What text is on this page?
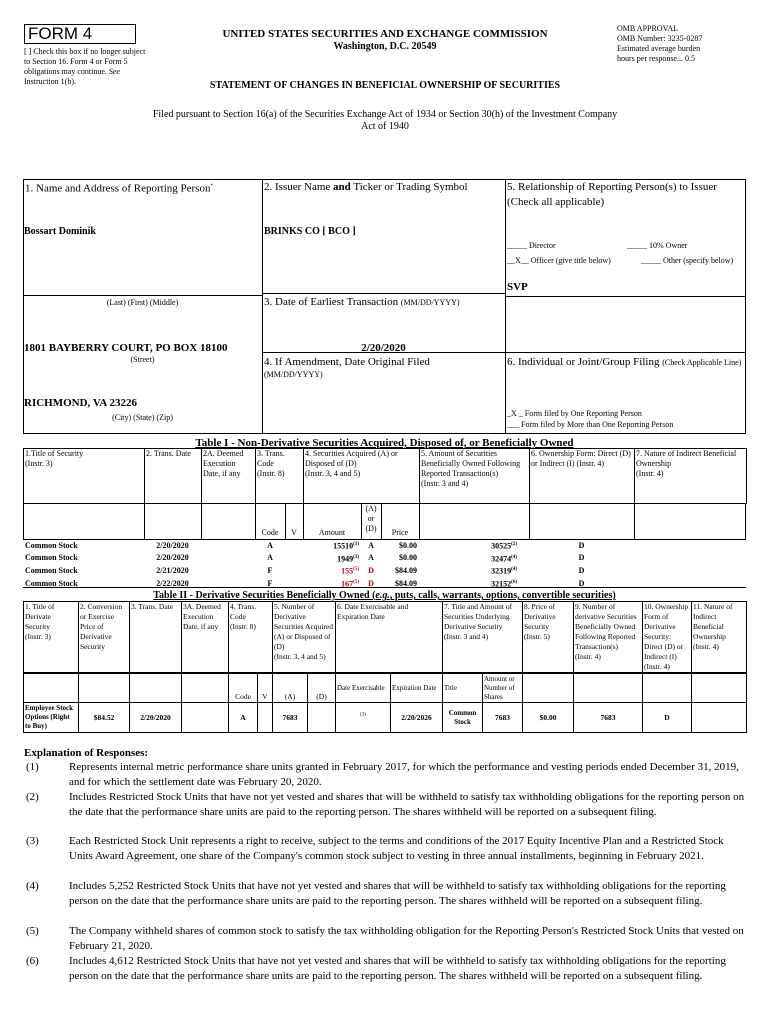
FORM 4
[ ] Check this box if no longer subject to Section 16. Form 4 or Form 5 obligations may continue. See Instruction 1(b).
UNITED STATES SECURITIES AND EXCHANGE COMMISSION
Washington, D.C. 20549
STATEMENT OF CHANGES IN BENEFICIAL OWNERSHIP OF SECURITIES
OMB APPROVAL
OMB Number: 3235-0287
Estimated average burden
hours per response... 0.5
Filed pursuant to Section 16(a) of the Securities Exchange Act of 1934 or Section 30(h) of the Investment Company Act of 1940
1. Name and Address of Reporting Person*
Bossart Dominik
(Last) (First) (Middle)
1801 BAYBERRY COURT, PO BOX 18100
(Street)
RICHMOND, VA 23226
(City) (State) (Zip)
2. Issuer Name and Ticker or Trading Symbol
BRINKS CO [ BCO ]
3. Date of Earliest Transaction (MM/DD/YYYY)
2/20/2020
4. If Amendment, Date Original Filed
(MM/DD/YYYY)
5. Relationship of Reporting Person(s) to Issuer
(Check all applicable)
_____ Director	_____ 10% Owner
__X__ Officer (give title below)	_____ Other (specify below)
SVP
6. Individual or Joint/Group Filing (Check Applicable Line)
_X _ Form filed by One Reporting Person
___ Form filed by More than One Reporting Person
Table I - Non-Derivative Securities Acquired, Disposed of, or Beneficially Owned
1.Title of Security
(Instr. 3)
	2. Trans. Date	2A. Deemed Execution Date, if any	
3. Trans. Code
(Instr. 8)

4. Securities Acquired (A) or Disposed of (D)
(Instr. 3, 4 and 5)

5. Amount of Securities Beneficially Owned Following Reported Transaction(s)
(Instr. 3 and 4)
	6. Ownership Form: Direct (D) or Indirect (I) (Instr. 4)	
7. Nature of Indirect Beneficial Ownership
(Instr. 4)
Code	V	Amount
(A) or (D)	Price
Common Stock	2/20/2020		A		15510$^{(1)}$	A	$0.00	30525$^{(2)}$	D	
Common Stock	2/20/2020		A		1949$^{(3)}$	A	$0.00	32474$^{(4)}$	D	
Common Stock	2/21/2020		F		155$^{(5)}$	D	$84.09	32319$^{(4)}$	D	
Common Stock	2/22/2020		F		167$^{(5)}$	D	$84.09	32152$^{(6)}$	D	
Table II - Derivative Securities Beneficially Owned (e.g., puts, calls, warrants, options, convertible securities)
1. Title of Derivate Security
(Instr. 3)
	2. Conversion or Exercise Price of Derivative Security	3. Trans. Date	3A. Deemed Execution Date, if any	
4. Trans. Code
(Instr. 8)

5. Number of Derivative Securities Acquired (A) or Disposed of (D)
(Instr. 3, 4 and 5)
	6. Date Exercisable and Expiration Date	
7. Title and Amount of Securities Underlying Derivative Security
(Instr. 3 and 4)

8. Price of Derivative Security
(Instr. 5)

9. Number of derivative Securities Beneficially Owned Following Reported Transaction(s)
(Instr. 4)

10. Ownership Form of Derivative Security: Direct (D) or Indirect (I)
(Instr. 4)

11. Nature of Indirect Beneficial Ownership
(Instr. 4)
				Code	V	(A)	(D)	Date Exercisable	Expiration Date	Title	Amount or Number of Shares				
Employee Stock Options (Right to Buy)	$84.52	2/20/2020		A		7683		$^{(3)}$	2/20/2026	Common Stock	7683	$0.00	7683	D	
Explanation of Responses:
(1)	Represents internal metric performance share units granted in February 2017, for which the performance and vesting periods ended December 31, 2019, and for which the settlement date was February 20, 2020.
(2)	Includes Restricted Stock Units that have not yet vested and shares that will be withheld to satisfy tax withholding obligations for the reporting person on the date that the performance share units are paid to the reporting person. The shares withheld will be reported on a subsequent filing.
(3)	Each Restricted Stock Unit represents a right to receive, subject to the terms and conditions of the 2017 Equity Incentive Plan and a Restricted Stock Units Award Agreement, one share of the Company's common stock subject to vesting in three annual installments, beginning in February 2021.
(4)	Includes 5,252 Restricted Stock Units that have not yet vested and shares that will be withheld to satisfy tax withholding obligations for the reporting person on the date that the performance share units are paid to the reporting person. The shares withheld will be reported on a subsequent filing.
(5)	The Company withheld shares of common stock to satisfy the tax withholding obligation for the Reporting Person's Restricted Stock Units that vested on February 21, 2020.
(6)	Includes 4,612 Restricted Stock Units that have not yet vested and shares that will be withheld to satisfy tax withholding obligations for the reporting person on the date that the performance share units are paid to the reporting person. The shares withheld will be reported on a subsequent filing.
